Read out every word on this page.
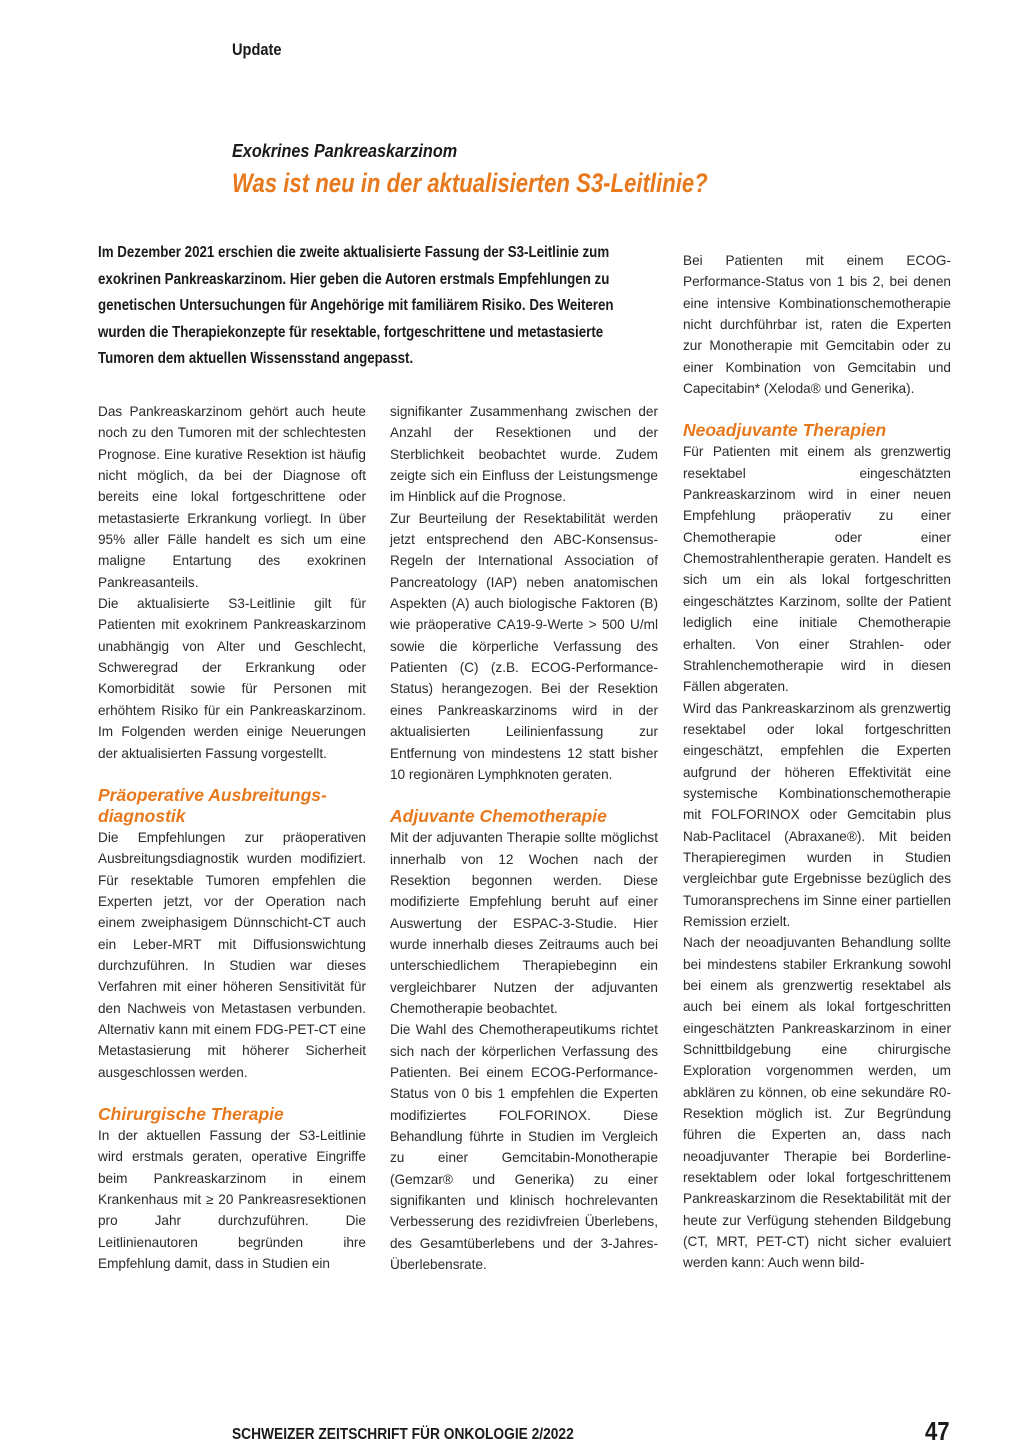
Update
Exokrines Pankreaskarzinom
Was ist neu in der aktualisierten S3-Leitlinie?
Im Dezember 2021 erschien die zweite aktualisierte Fassung der S3-Leitlinie zum exokrinen Pankreaskarzinom. Hier geben die Autoren erstmals Empfehlungen zu genetischen Untersuchungen für Angehörige mit familiärem Risiko. Des Weiteren wurden die Therapiekonzepte für resektable, fortgeschrittene und metastasierte Tumoren dem aktuellen Wissensstand angepasst.

Das Pankreaskarzinom gehört auch heute noch zu den Tumoren mit der schlechtesten Prognose. Eine kurative Resektion ist häufig nicht möglich, da bei der Diagnose oft bereits eine lokal fortgeschrittene oder metastasierte Erkrankung vorliegt. In über 95% aller Fälle handelt es sich um eine maligne Entartung des exokrinen Pankreasanteils.

Die aktualisierte S3-Leitlinie gilt für Patienten mit exokrinem Pankreaskarzinom unabhängig von Alter und Geschlecht, Schweregrad der Erkrankung oder Komorbidität sowie für Personen mit erhöhtem Risiko für ein Pankreaskarzinom. Im Folgenden werden einige Neuerungen der aktualisierten Fassung vorgestellt.

Präoperative Ausbreitungsdiagnostik

Die Empfehlungen zur präoperativen Ausbreitungsdiagnostik wurden modifiziert. Für resektable Tumoren empfehlen die Experten jetzt, vor der Operation nach einem zweiphasigem Dünnschicht-CT auch ein Leber-MRT mit Diffusionswichtung durchzuführen. In Studien war dieses Verfahren mit einer höheren Sensitivität für den Nachweis von Metastasen verbunden. Alternativ kann mit einem FDG-PET-CT eine Metastasierung mit höherer Sicherheit ausgeschlossen werden.

Chirurgische Therapie

In der aktuellen Fassung der S3-Leitlinie wird erstmals geraten, operative Eingriffe beim Pankreaskarzinom in einem Krankenhaus mit ≥ 20 Pankreasresektionen pro Jahr durchzuführen. Die Leitlinienautoren begründen ihre Empfehlung damit, dass in Studien ein

signifikanter Zusammenhang zwischen der Anzahl der Resektionen und der Sterblichkeit beobachtet wurde. Zudem zeigte sich ein Einfluss der Leistungsmenge im Hinblick auf die Prognose.

Zur Beurteilung der Resektabilität werden jetzt entsprechend den ABC-Konsensus-Regeln der International Association of Pancreatology (IAP) neben anatomischen Aspekten (A) auch biologische Faktoren (B) wie präoperative CA19-9-Werte > 500 U/ml sowie die körperliche Verfassung des Patienten (C) (z.B. ECOG-Performance-Status) herangezogen. Bei der Resektion eines Pankreaskarzinoms wird in der aktualisierten Leilinienfassung zur Entfernung von mindestens 12 statt bisher 10 regionären Lymphknoten geraten.

Adjuvante Chemotherapie

Mit der adjuvanten Therapie sollte möglichst innerhalb von 12 Wochen nach der Resektion begonnen werden. Diese modifizierte Empfehlung beruht auf einer Auswertung der ESPAC-3-Studie. Hier wurde innerhalb dieses Zeitraums auch bei unterschiedlichem Therapiebeginn ein vergleichbarer Nutzen der adjuvanten Chemotherapie beobachtet.

Die Wahl des Chemotherapeutikums richtet sich nach der körperlichen Verfassung des Patienten. Bei einem ECOG-Performance-Status von 0 bis 1 empfehlen die Experten modifiziertes FOLFORINOX. Diese Behandlung führte in Studien im Vergleich zu einer Gemcitabin-Monotherapie (Gemzar® und Generika) zu einer signifikanten und klinisch hochrelevanten Verbesserung des rezidivfreien Überlebens, des Gesamtüberlebens und der 3-Jahres-Überlebensrate.

Bei Patienten mit einem ECOG-Performance-Status von 1 bis 2, bei denen eine intensive Kombinationschemotherapie nicht durchführbar ist, raten die Experten zur Monotherapie mit Gemcitabin oder zu einer Kombination von Gemcitabin und Capecitabin* (Xeloda® und Generika).

Neoadjuvante Therapien

Für Patienten mit einem als grenzwertig resektabel eingeschätzten Pankreaskarzinom wird in einer neuen Empfehlung präoperativ zu einer Chemotherapie oder einer Chemostrahlentherapie geraten. Handelt es sich um ein als lokal fortgeschritten eingeschätztes Karzinom, sollte der Patient lediglich eine initiale Chemotherapie erhalten. Von einer Strahlen- oder Strahlenchemotherapie wird in diesen Fällen abgeraten.

Wird das Pankreaskarzinom als grenzwertig resektabel oder lokal fortgeschritten eingeschätzt, empfehlen die Experten aufgrund der höheren Effektivität eine systemische Kombinationschemotherapie mit FOLFORINOX oder Gemcitabin plus Nab-Paclitacel (Abraxane®). Mit beiden Therapieregimen wurden in Studien vergleichbar gute Ergebnisse bezüglich des Tumoransprechens im Sinne einer partiellen Remission erzielt.

Nach der neoadjuvanten Behandlung sollte bei mindestens stabiler Erkrankung sowohl bei einem als grenzwertig resektabel als auch bei einem als lokal fortgeschritten eingeschätzten Pankreaskarzinom in einer Schnittbildgebung eine chirurgische Exploration vorgenommen werden, um abklären zu können, ob eine sekundäre R0-Resektion möglich ist. Zur Begründung führen die Experten an, dass nach neoadjuvanter Therapie bei Borderline-resektablem oder lokal fortgeschrittenem Pankreaskarzinom die Resektabilität mit der heute zur Verfügung stehenden Bildgebung (CT, MRT, PET-CT) nicht sicher evaluiert werden kann: Auch wenn bild-

SCHWEIZER ZEITSCHRIFT FÜR ONKOLOGIE 2/2022	47
